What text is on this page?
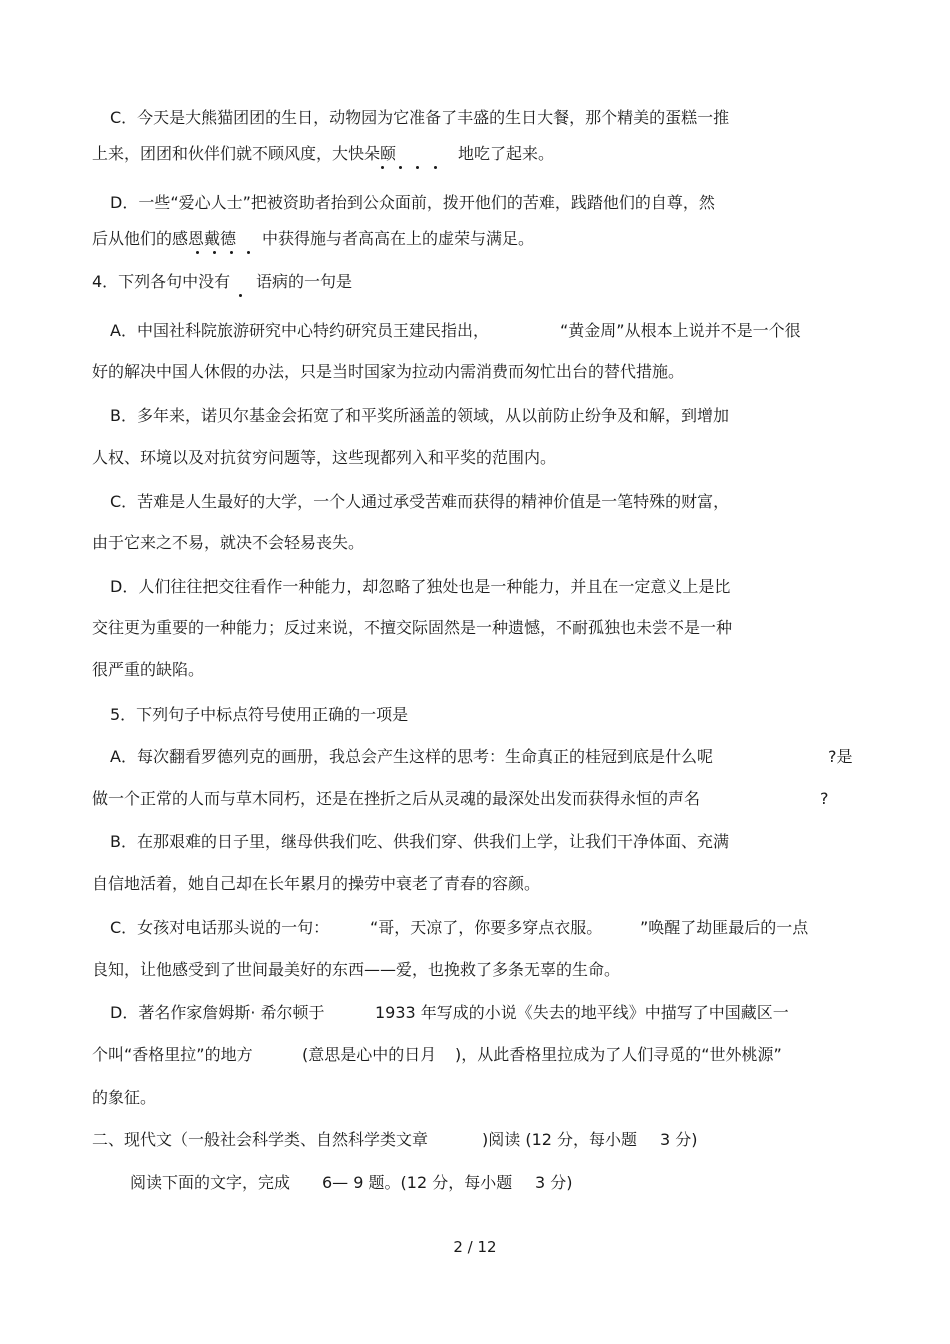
C．今天是大熊猫团团的生日，动物园为它准备了丰盛的生日大餐，那个精美的蛋糕一推
上来，团团和伙伴们就不顾风度，大快朵颐	地吃了起来。
D．一些“爱心人士”把被资助者抬到公众面前，拨开他们的苦难，践踏他们的自尊，然
后从他们的感恩戴德 中获得施与者高高在上的虚荣与满足。
4．下列各句中没有 语病的一句是
A．中国社科院旅游研究中心特约研究员王建民指出，	“黄金周”从根本上说并不是一个很
好的解决中国人休假的办法，只是当时国家为拉动内需消费而匆忙出台的替代措施。
B．多年来，诺贝尔基金会拓宽了和平奖所涵盖的领域，从以前防止纷争及和解，到增加
人权、环境以及对抗贫穷问题等，这些现都列入和平奖的范围内。
C．苦难是人生最好的大学，一个人通过承受苦难而获得的精神价值是一笔特殊的财富，
由于它来之不易，就决不会轻易丧失。
D．人们往往把交往看作一种能力，却忽略了独处也是一种能力，并且在一定意义上是比
交往更为重要的一种能力；反过来说，不擅交际固然是一种遗憾，不耐孤独也未尝不是一种
很严重的缺陷。
5．下列句子中标点符号使用正确的一项是
A．每次翻看罗德列克的画册，我总会产生这样的思考：生命真正的桂冠到底是什么呢	?是
做一个正常的人而与草木同朽，还是在挫折之后从灵魂的最深处出发而获得永恒的声名	?
B．在那艰难的日子里，继母供我们吃、供我们穿、供我们上学，让我们干净体面、充满
自信地活着，她自己却在长年累月的操劳中衰老了青春的容颜。
C．女孩对电话那头说的一句：	“哥，天凉了，你要多穿点衣服。 ”唤醒了劫匪最后的一点
良知，让他感受到了世间最美好的东西——爱，也挽救了多条无辜的生命。
D．著名作家詹姆斯· 希尔顿于	1933 年写成的小说《失去的地平线》中描写了中国藏区一
个叫“香格里拉”的地方	(意思是心中的日月 )，从此香格里拉成为了人们寻觅的“世外桃源”
的象征。
二、现代文（一般社会科学类、自然科学类文章	)阅读 (12 分，每小题 3 分)
阅读下面的文字，完成 6— 9 题。(12 分，每小题 3 分)
2 / 12
